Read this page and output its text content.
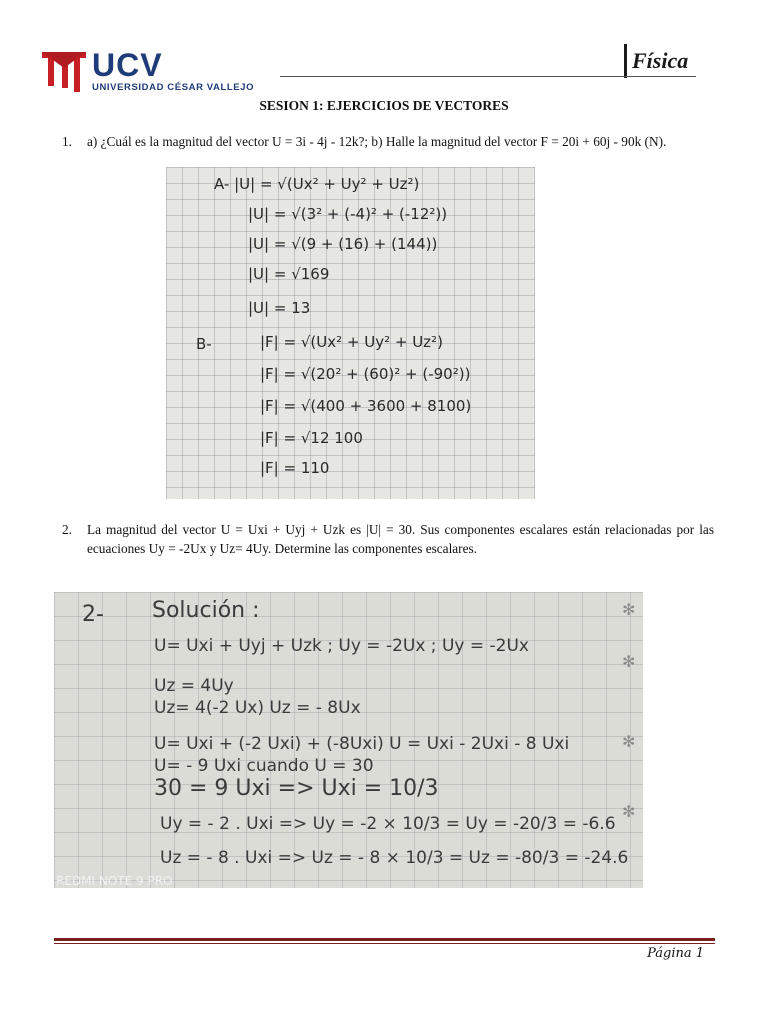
UCV
UNIVERSIDAD CÉSAR VALLEJO
Física
SESION 1: EJERCICIOS DE VECTORES
1. a) ¿Cuál es la magnitud del vector U = 3i - 4j - 12k?; b) Halle la magnitud del vector F = 20i + 60j - 90k (N).
A- |U| = √(Ux² + Uy² + Uz²)
|U| = √(3² + (-4)² + (-12²))
|U| = √(9 + (16) + (144))
|U| = √169
|U| = 13
B-	|F| = √(Ux² + Uy² + Uz²)
|F| = √(20² + (60)² + (-90²))
|F| = √(400 + 3600 + 8100)
|F| = √12 100
|F| = 110
2. La magnitud del vector U = Uxi + Uyj + Uzk es |U| = 30. Sus componentes escalares están relacionadas por las ecuaciones Uy = -2Ux y Uz= 4Uy. Determine las componentes escalares.
2- Solución :
U= Uxi + Uyj + Uzk ; Uy = -2Ux ; Uy = -2Ux
Uz = 4Uy
Uz= 4(-2 Ux) Uz = - 8Ux
U= Uxi + (-2 Uxi) + (-8Uxi) U = Uxi - 2Uxi - 8 Uxi
U= - 9 Uxi cuando U = 30
30 = 9 Uxi => Uxi = 10/3
Uy = - 2 . Uxi => Uy = -2 × 10/3 = Uy = -20/3 = -6.6
Uz = - 8 . Uxi => Uz = - 8 × 10/3 = Uz = -80/3 = -24.6
REDMI NOTE 9 PRO
✻
✻
✻
✻
Página 1
